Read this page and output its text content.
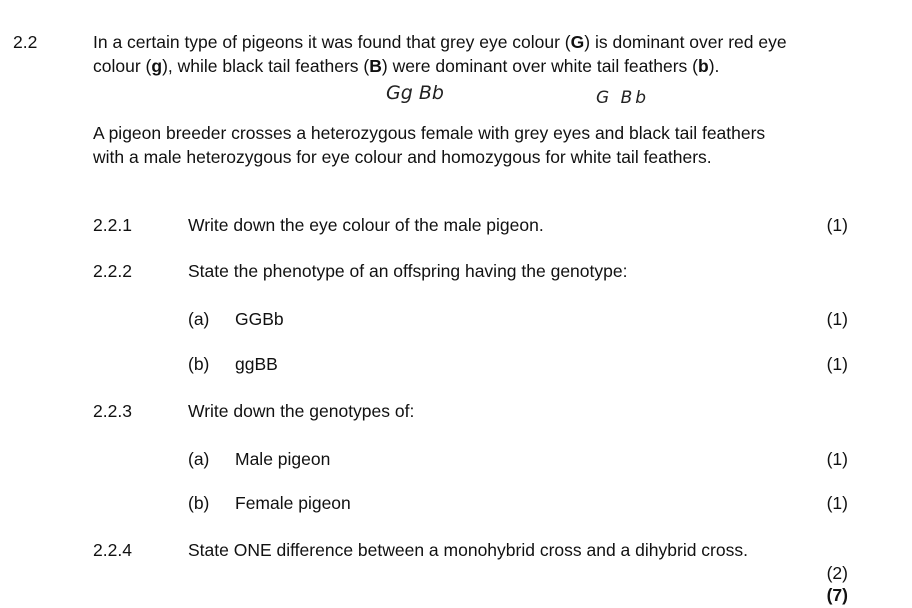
2.2	In a certain type of pigeons it was found that grey eye colour (G) is dominant over red eye colour (g), while black tail feathers (B) were dominant over white tail feathers (b).
Gg Bb	G Bb
A pigeon breeder crosses a heterozygous female with grey eyes and black tail feathers with a male heterozygous for eye colour and homozygous for white tail feathers.
2.2.1	Write down the eye colour of the male pigeon.	(1)
2.2.2	State the phenotype of an offspring having the genotype:
(a) GGBb	(1)
(b) ggBB	(1)
2.2.3	Write down the genotypes of:
(a) Male pigeon	(1)
(b) Female pigeon	(1)
2.2.4	State ONE difference between a monohybrid cross and a dihybrid cross.
(2)
(7)
